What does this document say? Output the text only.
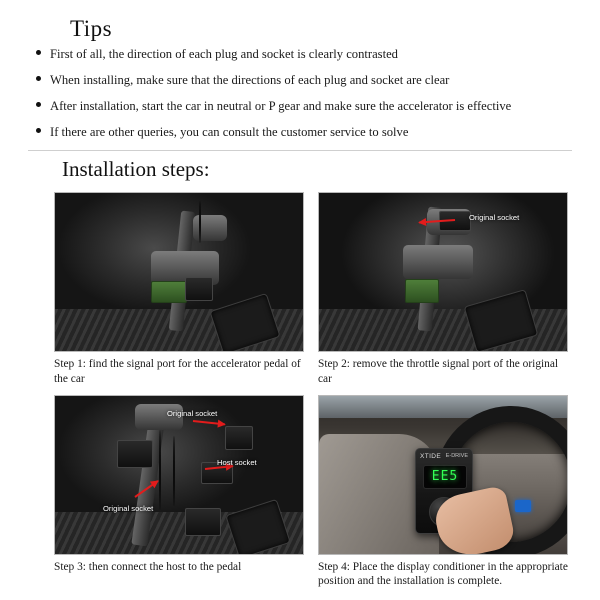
Tips
First of all, the direction of each plug and socket is clearly contrasted
When installing, make sure that the directions of each plug and socket are clear
After installation, start the car in neutral or P gear and make sure the accelerator is effective
If there are other queries, you can consult the customer service to solve
Installation steps:
Step 1: find the signal port for the accelerator pedal of the car
Original socket
Step 2: remove the throttle signal port of the original car
Original socket
Host socket
Original socket
Step 3: then connect the host to the pedal
XTIDE E-DRIVE
EE5
Step 4: Place the display conditioner in the appropriate position and the installation is complete.
